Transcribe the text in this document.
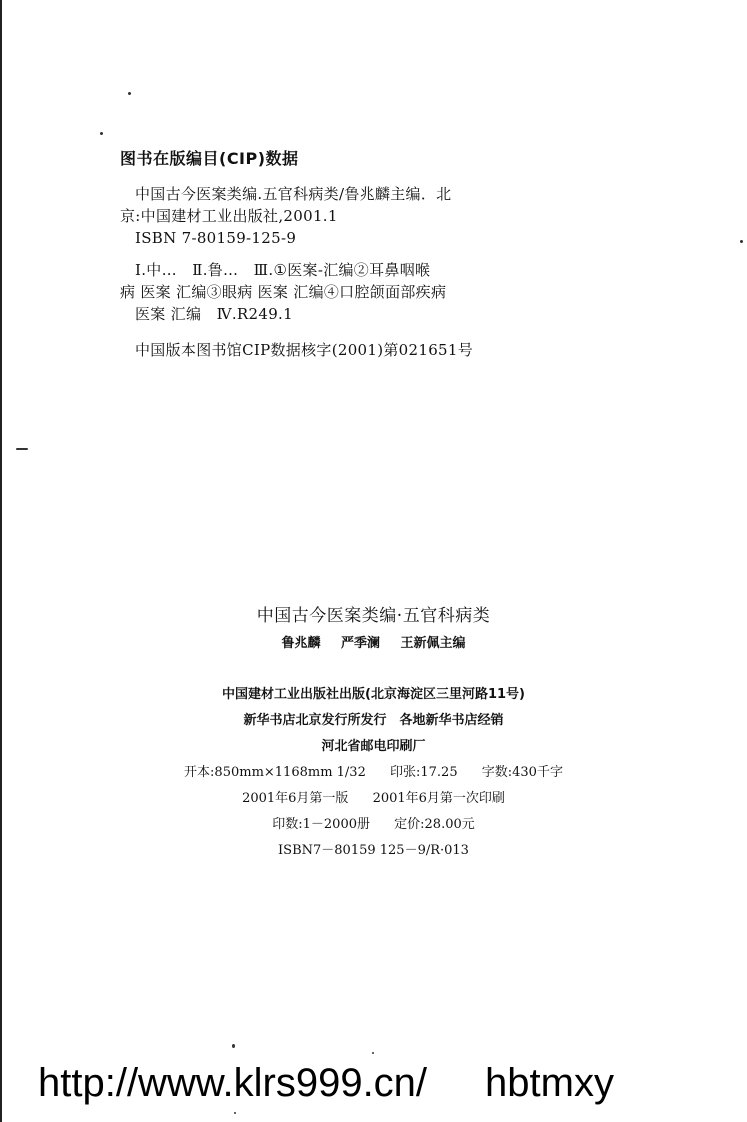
图书在版编目(CIP)数据

中国古今医案类编.五官科病类/鲁兆麟主编．北

京:中国建材工业出版社,2001.1

ISBN 7-80159-125-9

Ⅰ.中…　Ⅱ.鲁…　Ⅲ.①医案-汇编②耳鼻咽喉

病 医案 汇编③眼病 医案 汇编④口腔颌面部疾病

医案 汇编　Ⅳ.R249.1

中国版本图书馆CIP数据核字(2001)第021651号

中国古今医案类编·五官科病类

鲁兆麟 严季澜 王新佩主编

中国建材工业出版社出版(北京海淀区三里河路11号)

新华书店北京发行所发行　各地新华书店经销

河北省邮电印刷厂

开本:850mm×1168mm 1/32 印张:17.25 字数:430千字

2001年6月第一版 2001年6月第一次印刷

印数:1－2000册 定价:28.00元

ISBN7－80159 125－9/R·013

http://www.klrs999.cn/ hbtmxy
